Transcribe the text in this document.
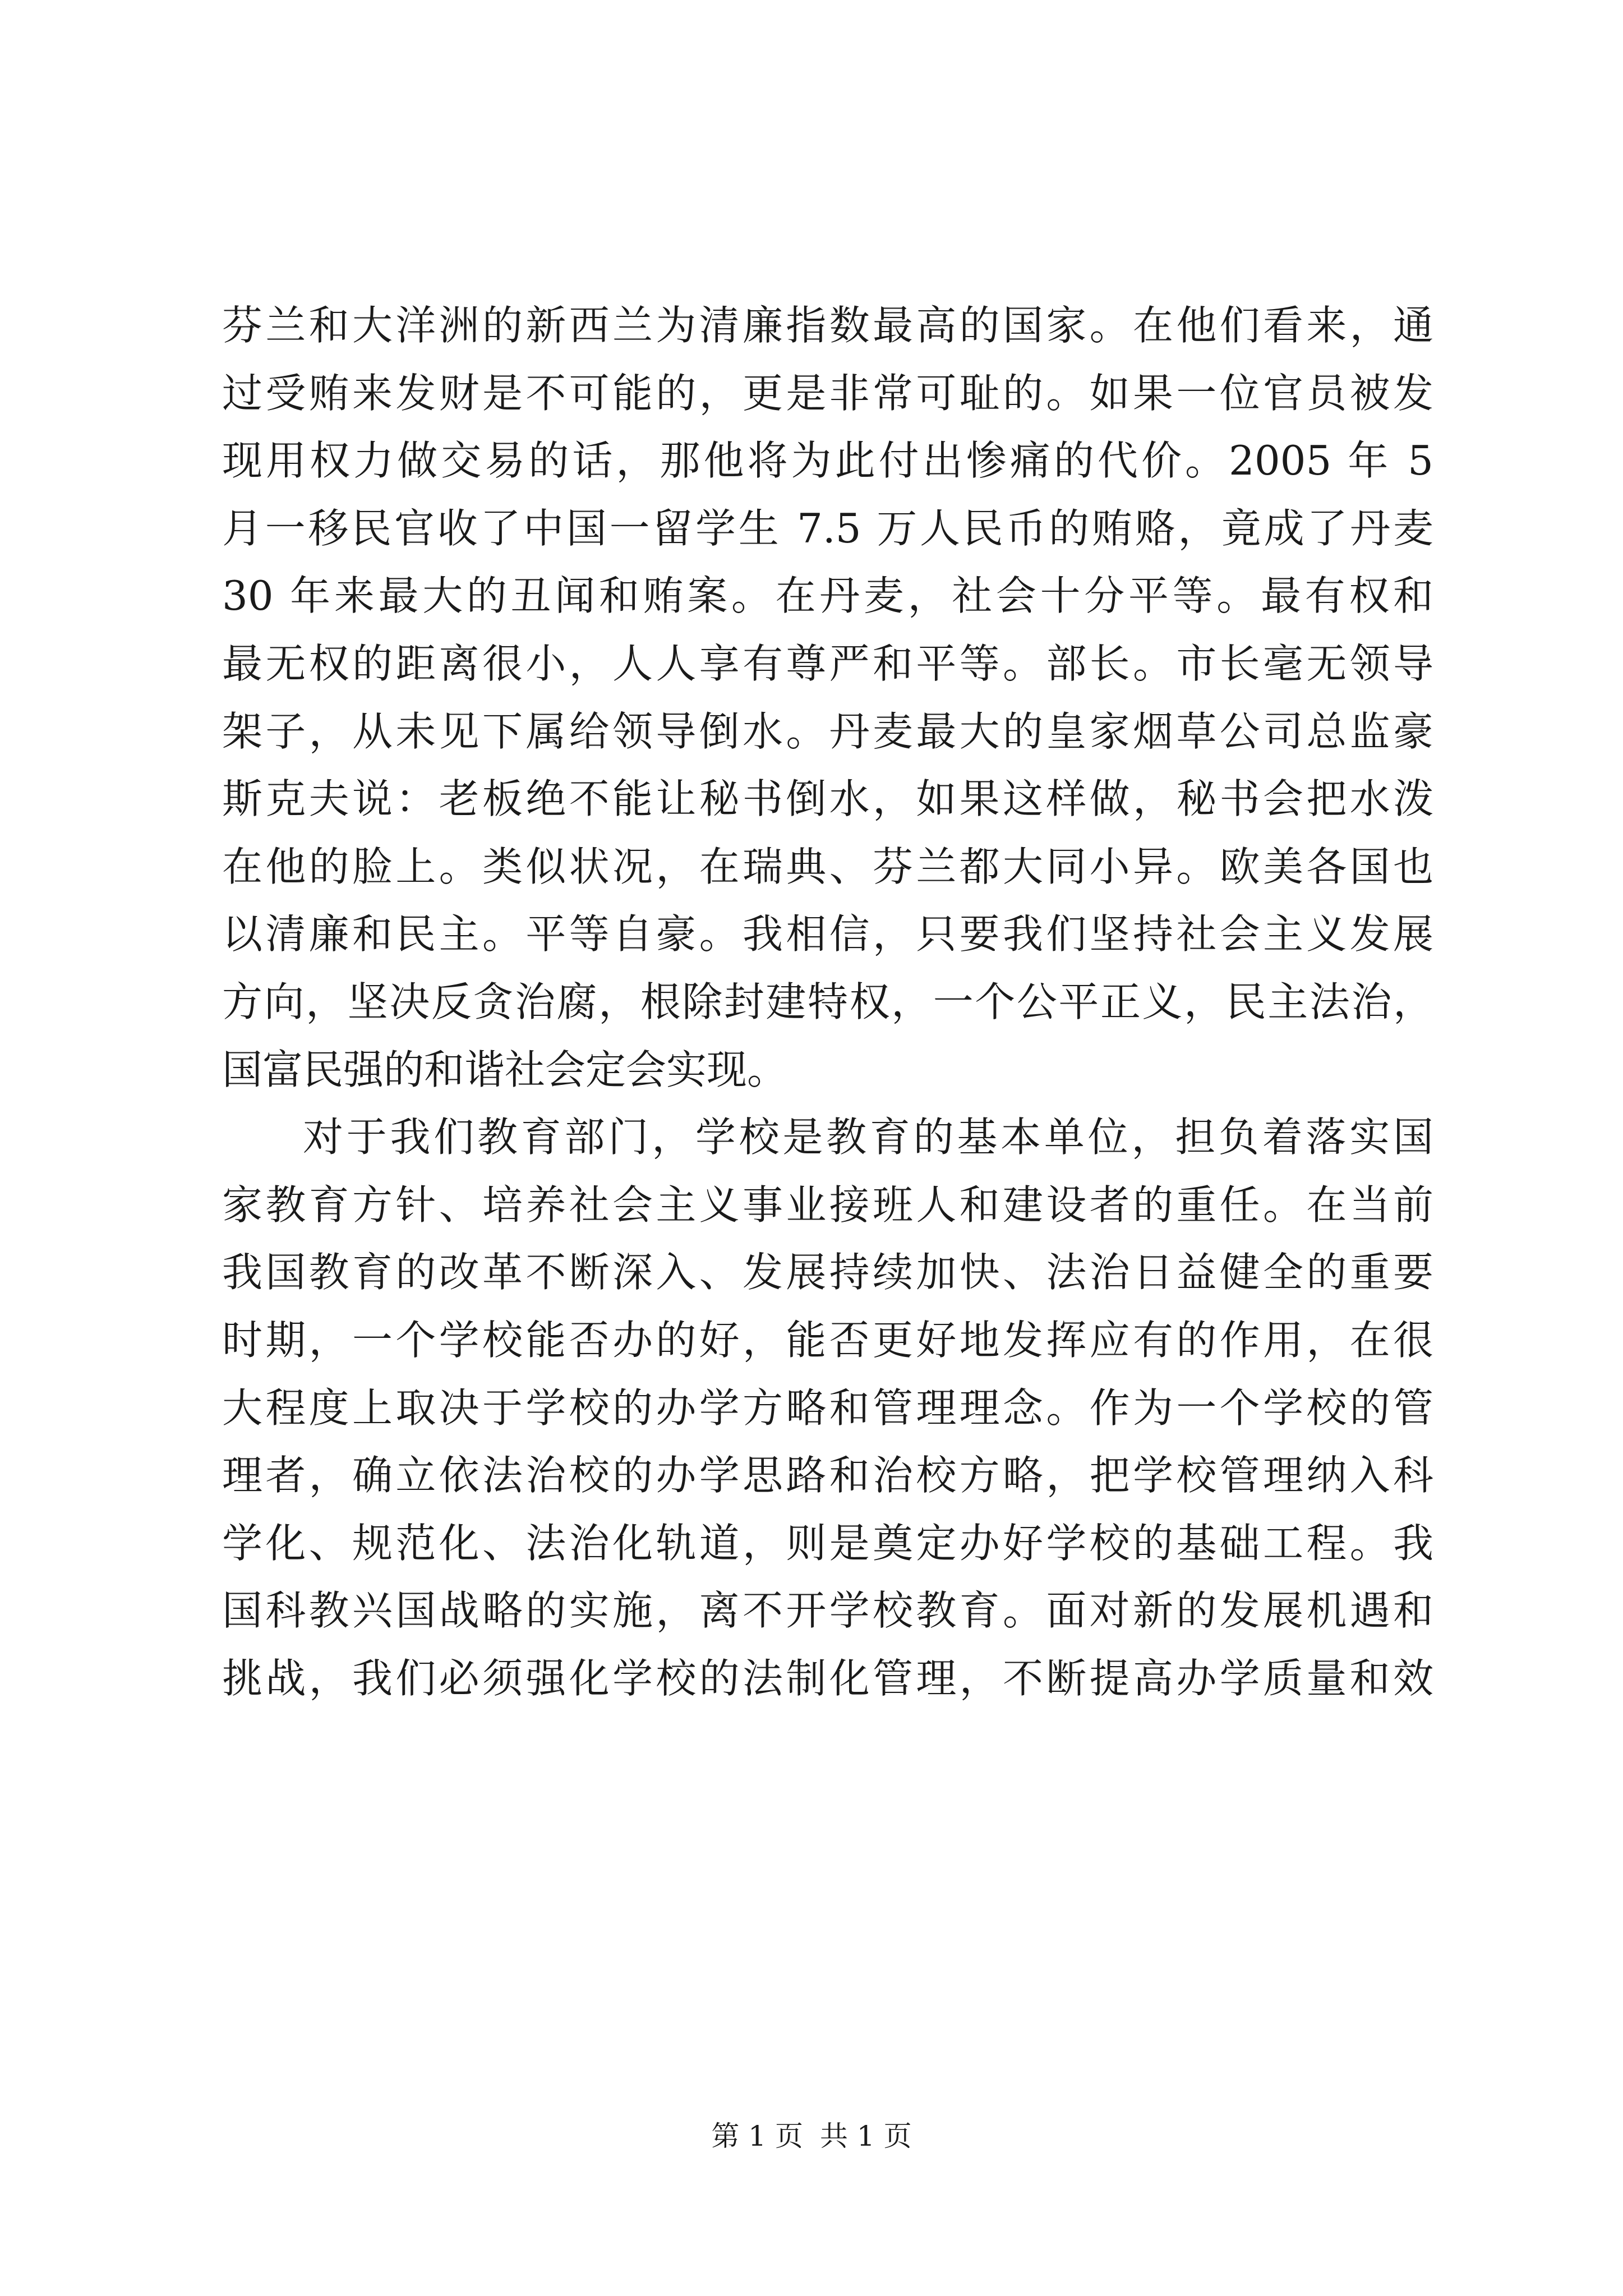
芬兰和大洋洲的新西兰为清廉指数最高的国家。在他们看来，通
过受贿来发财是不可能的，更是非常可耻的。如果一位官员被发
现用权力做交易的话，那他将为此付出惨痛的代价。2005 年 5
月一移民官收了中国一留学生 7.5 万人民币的贿赂，竟成了丹麦
30 年来最大的丑闻和贿案。在丹麦，社会十分平等。最有权和
最无权的距离很小，人人享有尊严和平等。部长。市长毫无领导
架子，从未见下属给领导倒水。丹麦最大的皇家烟草公司总监豪
斯克夫说：老板绝不能让秘书倒水，如果这样做，秘书会把水泼
在他的脸上。类似状况，在瑞典、芬兰都大同小异。欧美各国也
以清廉和民主。平等自豪。我相信，只要我们坚持社会主义发展
方向，坚决反贪治腐，根除封建特权，一个公平正义，民主法治，
国富民强的和谐社会定会实现。
对于我们教育部门，学校是教育的基本单位，担负着落实国
家教育方针、培养社会主义事业接班人和建设者的重任。在当前
我国教育的改革不断深入、发展持续加快、法治日益健全的重要
时期，一个学校能否办的好，能否更好地发挥应有的作用，在很
大程度上取决于学校的办学方略和管理理念。作为一个学校的管
理者，确立依法治校的办学思路和治校方略，把学校管理纳入科
学化、规范化、法治化轨道，则是奠定办好学校的基础工程。我
国科教兴国战略的实施，离不开学校教育。面对新的发展机遇和
挑战，我们必须强化学校的法制化管理，不断提高办学质量和效
第 1 页 共 1 页
